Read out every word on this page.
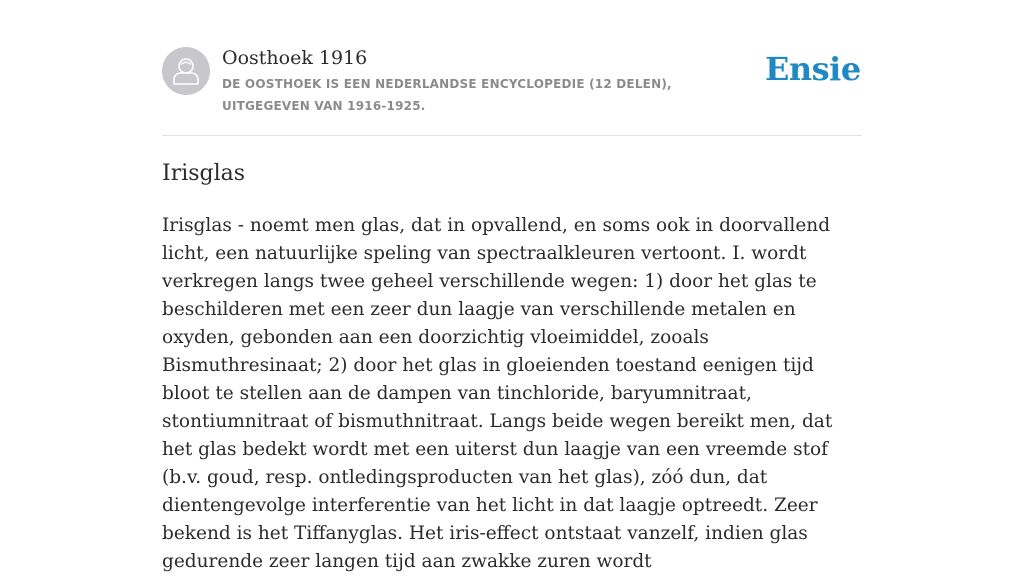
Oosthoek 1916
DE OOSTHOEK IS EEN NEDERLANDSE ENCYCLOPEDIE (12 DELEN), UITGEGEVEN VAN 1916-1925.
Ensie
Irisglas

Irisglas - noemt men glas, dat in opvallend, en soms ook in doorvallend licht, een natuurlijke speling van spectraalkleuren vertoont. I. wordt verkregen langs twee geheel verschillende wegen: 1) door het glas te beschilderen met een zeer dun laagje van verschillende metalen en oxyden, gebonden aan een doorzichtig vloeimiddel, zooals Bismuthresinaat; 2) door het glas in gloeienden toestand eenigen tijd bloot te stellen aan de dampen van tinchloride, baryumnitraat, stontiumnitraat of bismuthnitraat. Langs beide wegen bereikt men, dat het glas bedekt wordt met een uiterst dun laagje van een vreemde stof (b.v. goud, resp. ontledingsproducten van het glas), zóó dun, dat dientengevolge interferentie van het licht in dat laagje optreedt. Zeer bekend is het Tiffanyglas. Het iris-effect ontstaat vanzelf, indien glas gedurende zeer langen tijd aan zwakke zuren wordt
